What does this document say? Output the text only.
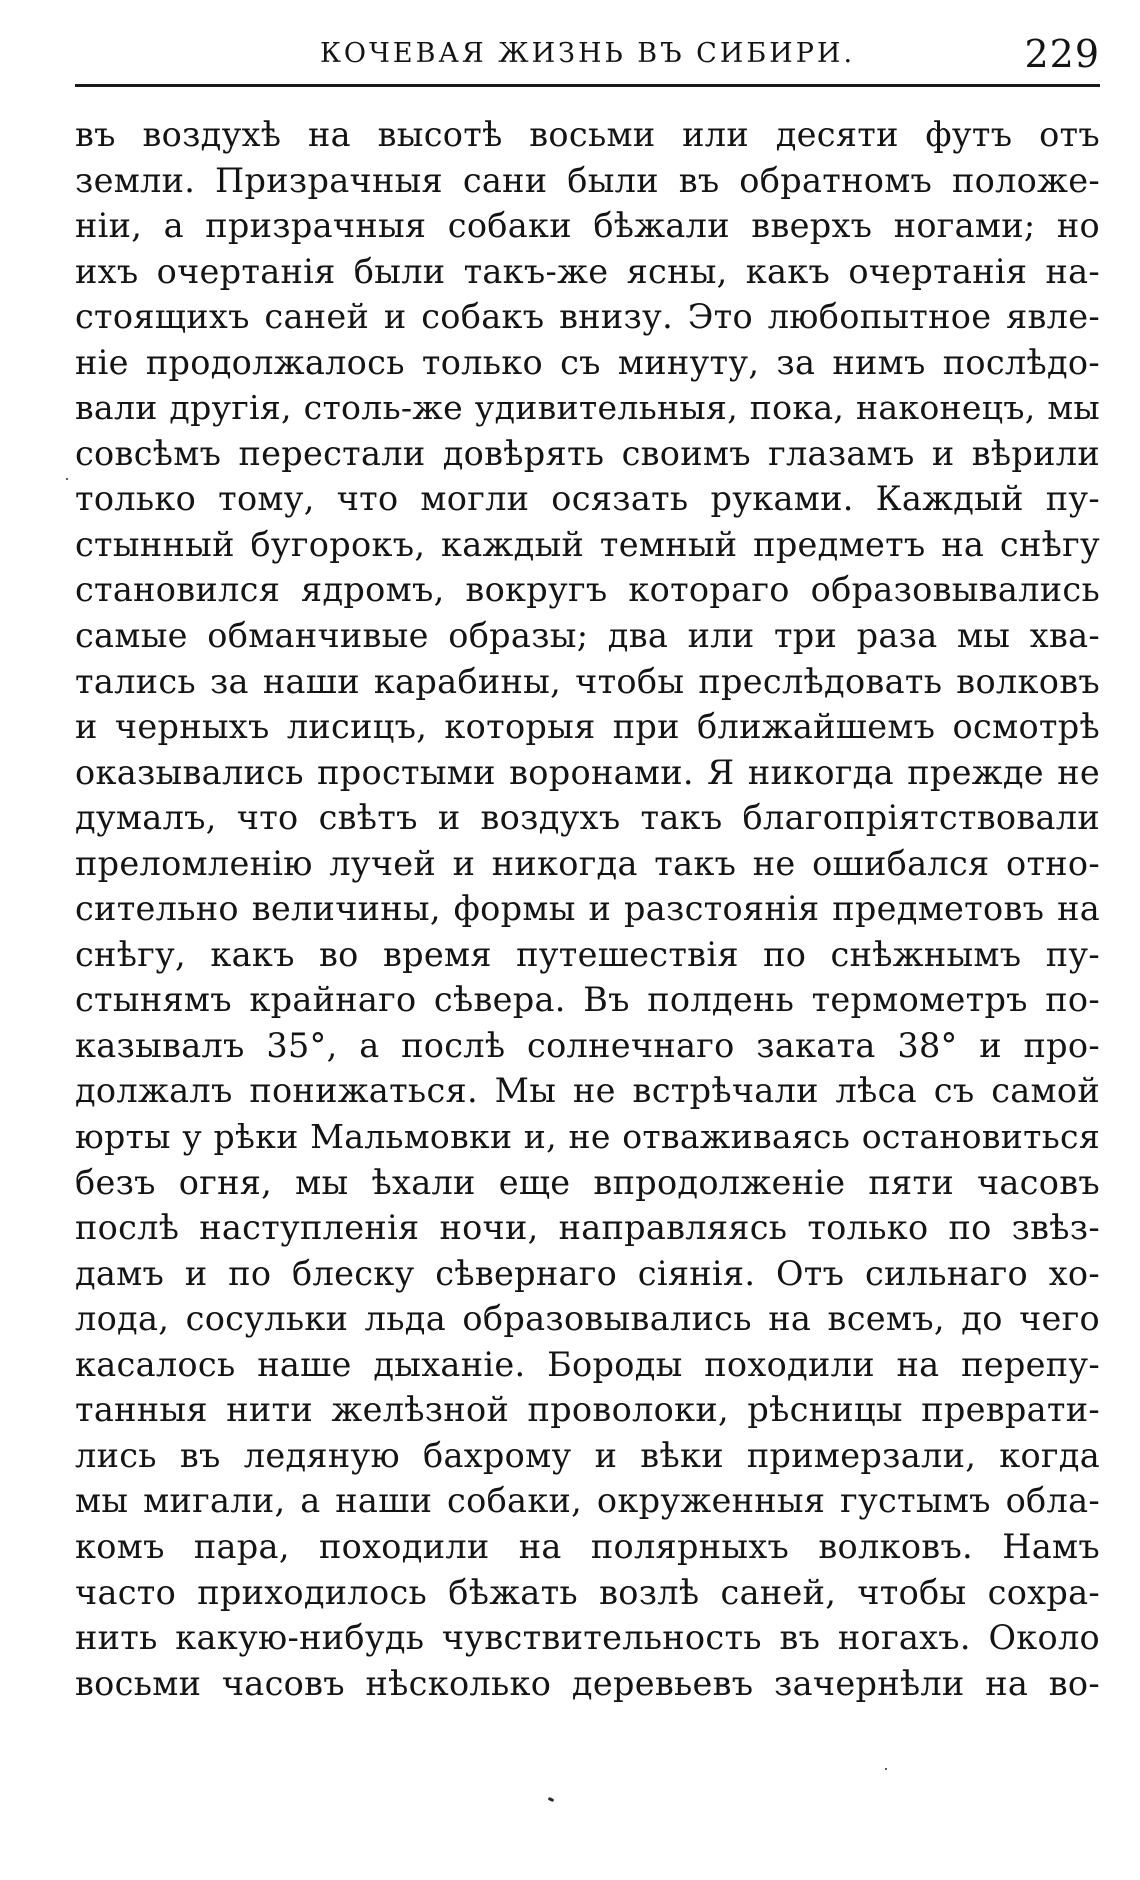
КОЧЕВАЯ ЖИЗНЬ ВЪ СИБИРИ.	229
въ воздухѣ на высотѣ восьми или десяти футъ отъ
земли. Призрачныя сани были въ обратномъ положе-
ніи, а призрачныя собаки бѣжали вверхъ ногами; но
ихъ очертанія были такъ-же ясны, какъ очертанія на-
стоящихъ саней и собакъ внизу. Это любопытное явле-
ніе продолжалось только съ минуту, за нимъ послѣдо-
вали другія, столь-же удивительныя, пока, наконецъ, мы
совсѣмъ перестали довѣрять своимъ глазамъ и вѣрили
только тому, что могли осязать руками. Каждый пу-
стынный бугорокъ, каждый темный предметъ на снѣгу
становился ядромъ, вокругъ котораго образовывались
самые обманчивые образы; два или три раза мы хва-
тались за наши карабины, чтобы преслѣдовать волковъ
и черныхъ лисицъ, которыя при ближайшемъ осмотрѣ
оказывались простыми воронами. Я никогда прежде не
думалъ, что свѣтъ и воздухъ такъ благопріятствовали
преломленію лучей и никогда такъ не ошибался отно-
сительно величины, формы и разстоянія предметовъ на
снѣгу, какъ во время путешествія по снѣжнымъ пу-
стынямъ крайнаго сѣвера. Въ полдень термометръ по-
казывалъ 35°, а послѣ солнечнаго заката 38° и про-
должалъ понижаться. Мы не встрѣчали лѣса съ самой
юрты у рѣки Мальмовки и, не отваживаясь остановиться
безъ огня, мы ѣхали еще впродолженіе пяти часовъ
послѣ наступленія ночи, направляясь только по звѣз-
дамъ и по блеску сѣвернаго сіянія. Отъ сильнаго хо-
лода, сосульки льда образовывались на всемъ, до чего
касалось наше дыханіе. Бороды походили на перепу-
танныя нити желѣзной проволоки, рѣсницы преврати-
лись въ ледяную бахрому и вѣки примерзали, когда
мы мигали, а наши собаки, окруженныя густымъ обла-
комъ пара, походили на полярныхъ волковъ. Намъ
часто приходилось бѣжать возлѣ саней, чтобы сохра-
нить какую-нибудь чувствительность въ ногахъ. Около
восьми часовъ нѣсколько деревьевъ зачернѣли на во-
